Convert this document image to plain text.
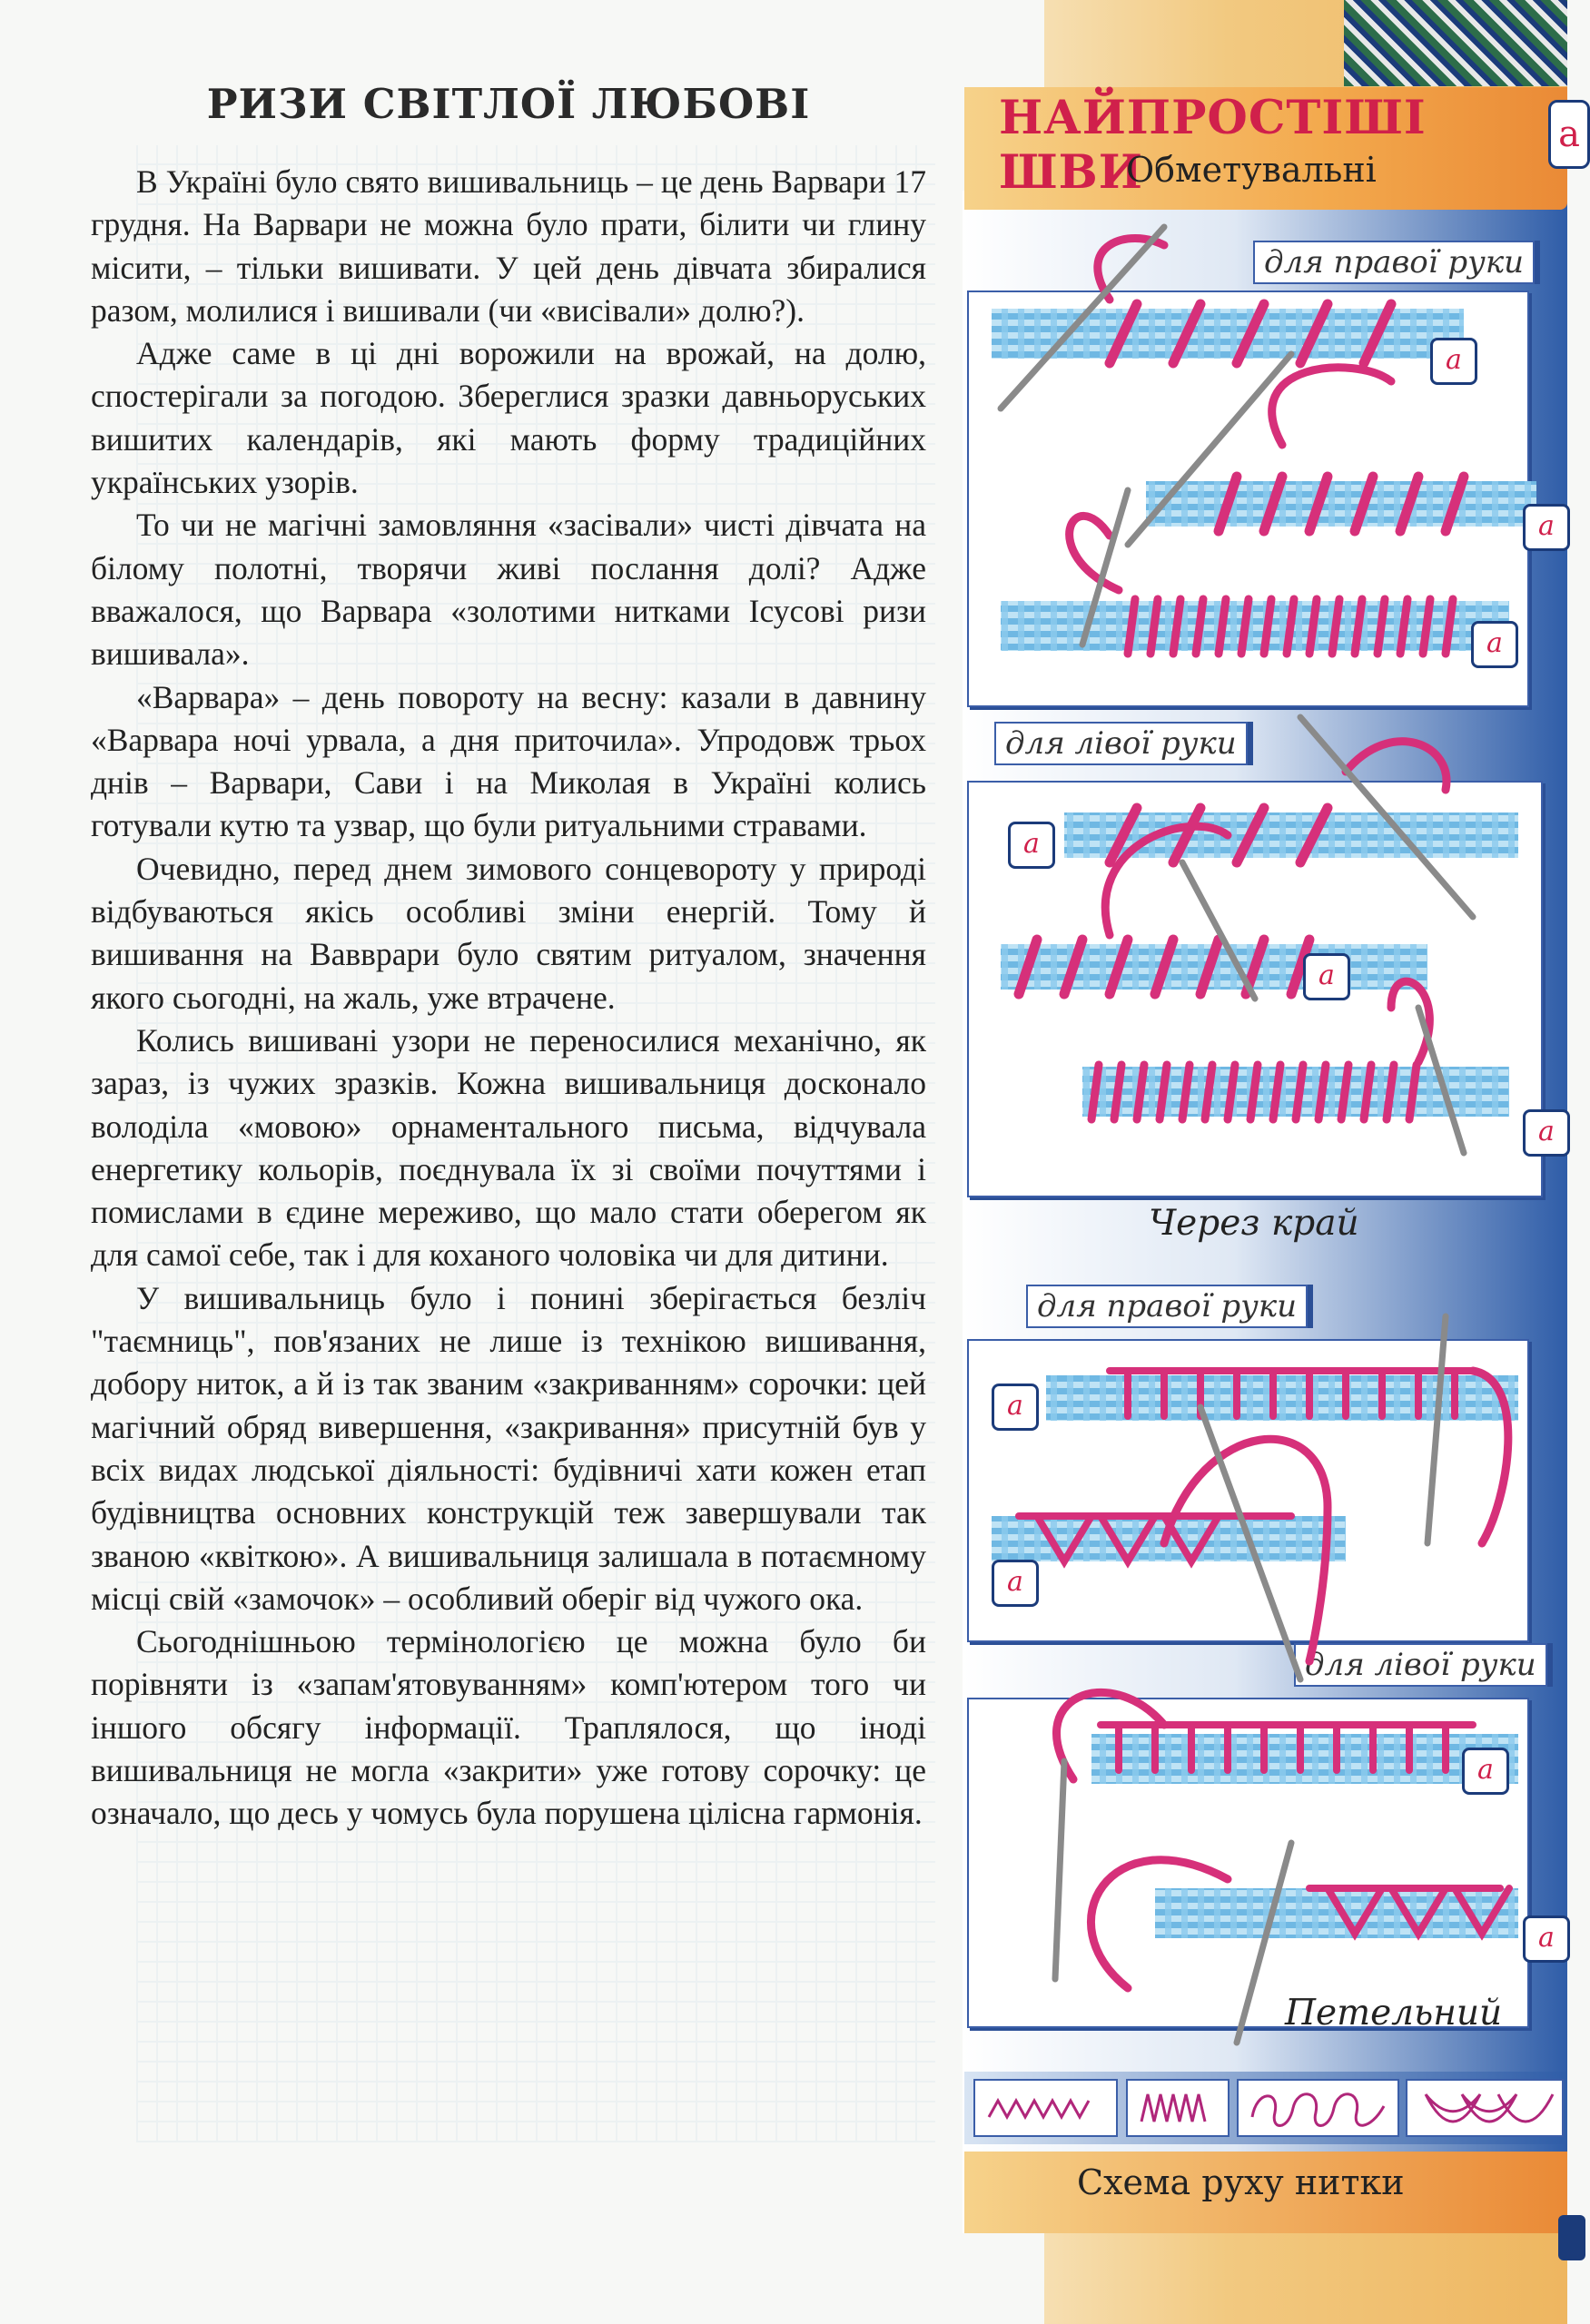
РИЗИ СВІТЛОЇ ЛЮБОВІ

В Україні було свято вишивальниць – це день Варвари 17 грудня. На Варвари не можна було прати, білити чи глину місити, – тільки вишивати. У цей день дівчата збиралися разом, молилися і вишивали (чи «висівали» долю?).

Адже саме в ці дні ворожили на врожай, на долю, спостерігали за погодою. Збереглися зразки давньоруських вишитих календарів, які мають форму традиційних українських узорів.

То чи не магічні замовляння «засівали» чисті дівчата на білому полотні, творячи живі послання долі? Адже вважалося, що Варвара «золотими нитками Ісусові ризи вишивала».

«Варвара» – день повороту на весну: казали в давнину «Варвара ночі урвала, а дня приточила». Упродовж трьох днів – Варвари, Сави і на Миколая в Україні колись готували кутю та узвар, що були ритуальними стравами.

Очевидно, перед днем зимового сонцевороту у природі відбуваються якісь особливі зміни енергій. Тому й вишивання на Вавврари було святим ритуалом, значення якого сьогодні, на жаль, уже втрачене.

Колись вишивані узори не переносилися механічно, як зараз, із чужих зразків. Кожна вишивальниця досконало володіла «мовою» орнаментального письма, відчувала енергетику кольорів, поєднувала їх зі своїми почуттями і помислами в єдине мереживо, що мало стати оберегом як для самої себе, так і для коханого чоловіка чи для дитини.

У вишивальниць було і понині зберігається безліч "таємниць", пов'язаних не лише із технікою вишивання, добору ниток, а й із так званим «закриванням» сорочки: цей магічний обряд вивершення, «закривання» присутній був у всіх видах людської діяльності: будівничі хати кожен етап будівництва основних конструкцій теж завершували так званою «квіткою». А вишивальниця залишала в потаємному місці свій «замочок» – особливий оберіг від чужого ока.

Сьогоднішньою термінологією це можна було би порівняти із «запам'ятовуванням» комп'ютером того чи іншого обсягу інформації. Траплялося, що іноді вишивальниця не могла «закрити» уже готову сорочку: це означало, що десь у чомусь була порушена цілісна гармонія.

НАЙПРОСТІШІ ШВИ
Обметувальні
a
для правої руки
для лівої руки
Через край
для правої руки
для лівої руки
Петельний
a
a
a
a
a
a
a
a
a
a
Схема руху нитки
